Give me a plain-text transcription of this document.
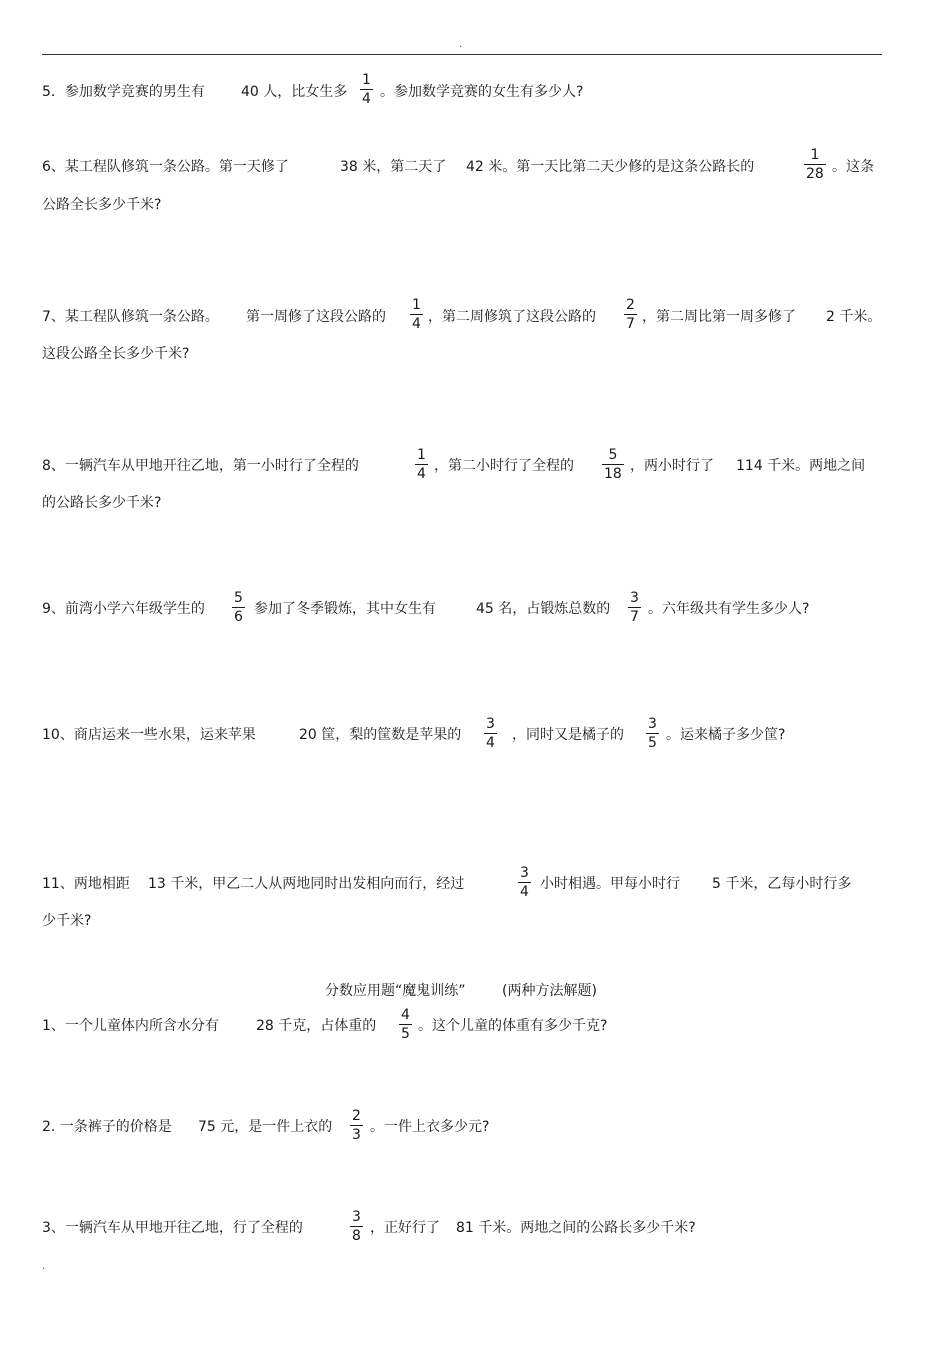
.
5．参加数学竞赛的男生有	40 人，比女生多
1
4 。参加数学竞赛的女生有多少人?
6、某工程队修筑一条公路。第一天修了	38 米，第二天了 42 米。第一天比第二天少修的是这条公路长的
1
28 。这条
公路全长多少千米?
7、某工程队修筑一条公路。 第一周修了这段公路的
1
4 ，第二周修筑了这段公路的
2
7 ，第二周比第一周多修了 2 千米。
这段公路全长多少千米?
8、一辆汽车从甲地开往乙地，第一小时行了全程的
1
4 ，第二小时行了全程的
5
18 ，两小时行了 114 千米。两地之间
的公路长多少千米?
9、前湾小学六年级学生的
5
6 参加了冬季锻炼，其中女生有	45 名，占锻炼总数的
3
7 。六年级共有学生多少人?
10、商店运来一些水果，运来苹果	20 筐，梨的筐数是苹果的
3
4 ，同时又是橘子的
3
5 。运来橘子多少筐?
11、两地相距 13 千米，甲乙二人从两地同时出发相向而行，经过
3
4 小时相遇。甲每小时行 5 千米，乙每小时行多
少千米?
分数应用题“魔鬼训练”	(两种方法解题)
1、一个儿童体内所含水分有	28 千克，占体重的
4
5 。这个儿童的体重有多少千克?
2. 一条裤子的价格是 75 元，是一件上衣的
2
3 。一件上衣多少元?
3、一辆汽车从甲地开往乙地，行了全程的
3
8 ，正好行了 81 千米。两地之间的公路长多少千米?
.
